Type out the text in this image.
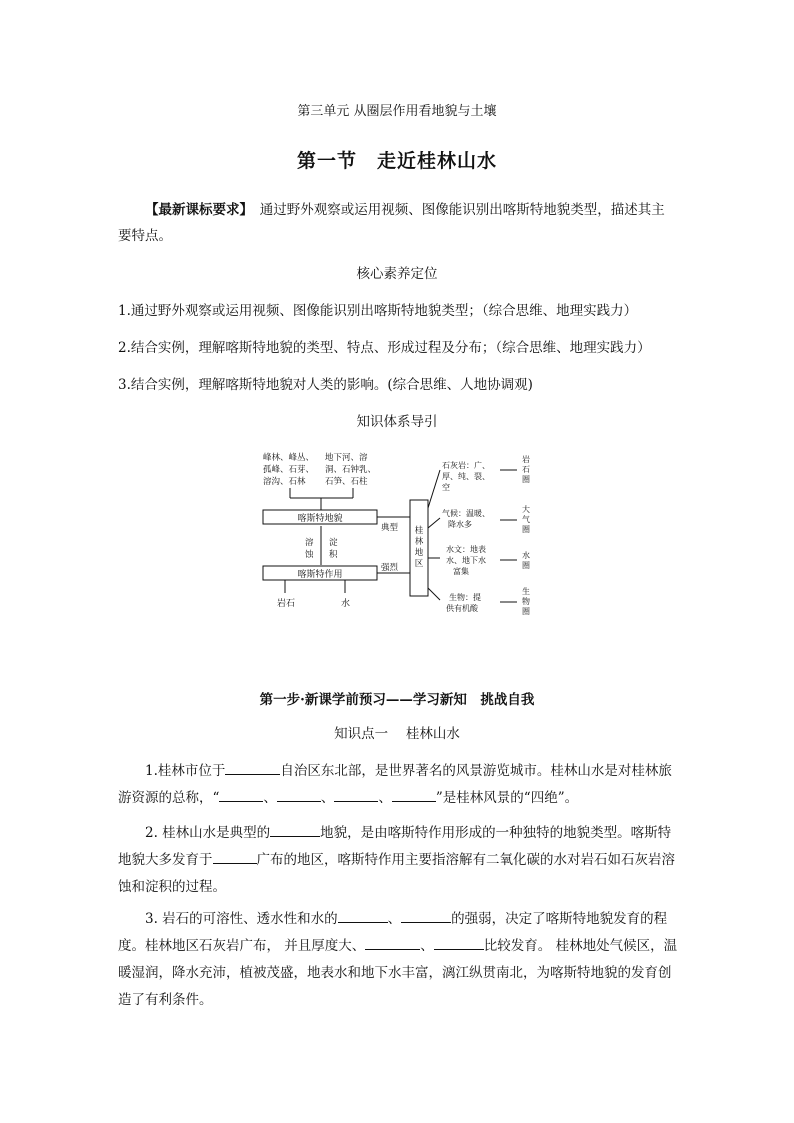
第三单元 从圈层作用看地貌与土壤
第一节　走近桂林山水
【最新课标要求】　通过野外观察或运用视频、图像能识别出喀斯特地貌类型，描述其主要特点。
核心素养定位
1.通过野外观察或运用视频、图像能识别出喀斯特地貌类型；（综合思维、地理实践力）
2.结合实例，理解喀斯特地貌的类型、特点、形成过程及分布；（综合思维、地理实践力）
3.结合实例，理解喀斯特地貌对人类的影响。(综合思维、人地协调观)
知识体系导引
峰林、峰丛、
孤峰、石芽、
溶沟、石林
地下河、溶
洞、石钟乳、
石笋、石柱
喀斯特地貌
典型
溶
蚀
淀
积
喀斯特作用
强烈
岩石	水
桂
林
地
区
石灰岩：广、
厚、纯、裂、
空
气候：温暖、
降水多
水文：地表
水、地下水
富集
生物：提
供有机酸
岩
石
圈
大
气
圈
水
圈
生
物
圈
第一步·新课学前预习——学习新知　挑战自我
知识点一　 桂林山水
1.桂林市位于	自治区东北部，是世界著名的风景游览城市。桂林山水是对桂林旅游资源的总称，“	、	、	、	”是桂林风景的“四绝”。
2. 桂林山水是典型的	地貌，是由喀斯特作用形成的一种独特的地貌类型。喀斯特地貌大多发育于	广布的地区，喀斯特作用主要指溶解有二氧化碳的水对岩石如石灰岩溶蚀和淀积的过程。
3. 岩石的可溶性、透水性和水的	、	的强弱，决定了喀斯特地貌发育的程度。桂林地区石灰岩广布， 并且厚度大、	、	比较发育。 桂林地处气候区，温暖湿润，降水充沛，植被茂盛，地表水和地下水丰富，漓江纵贯南北，为喀斯特地貌的发育创造了有利条件。
